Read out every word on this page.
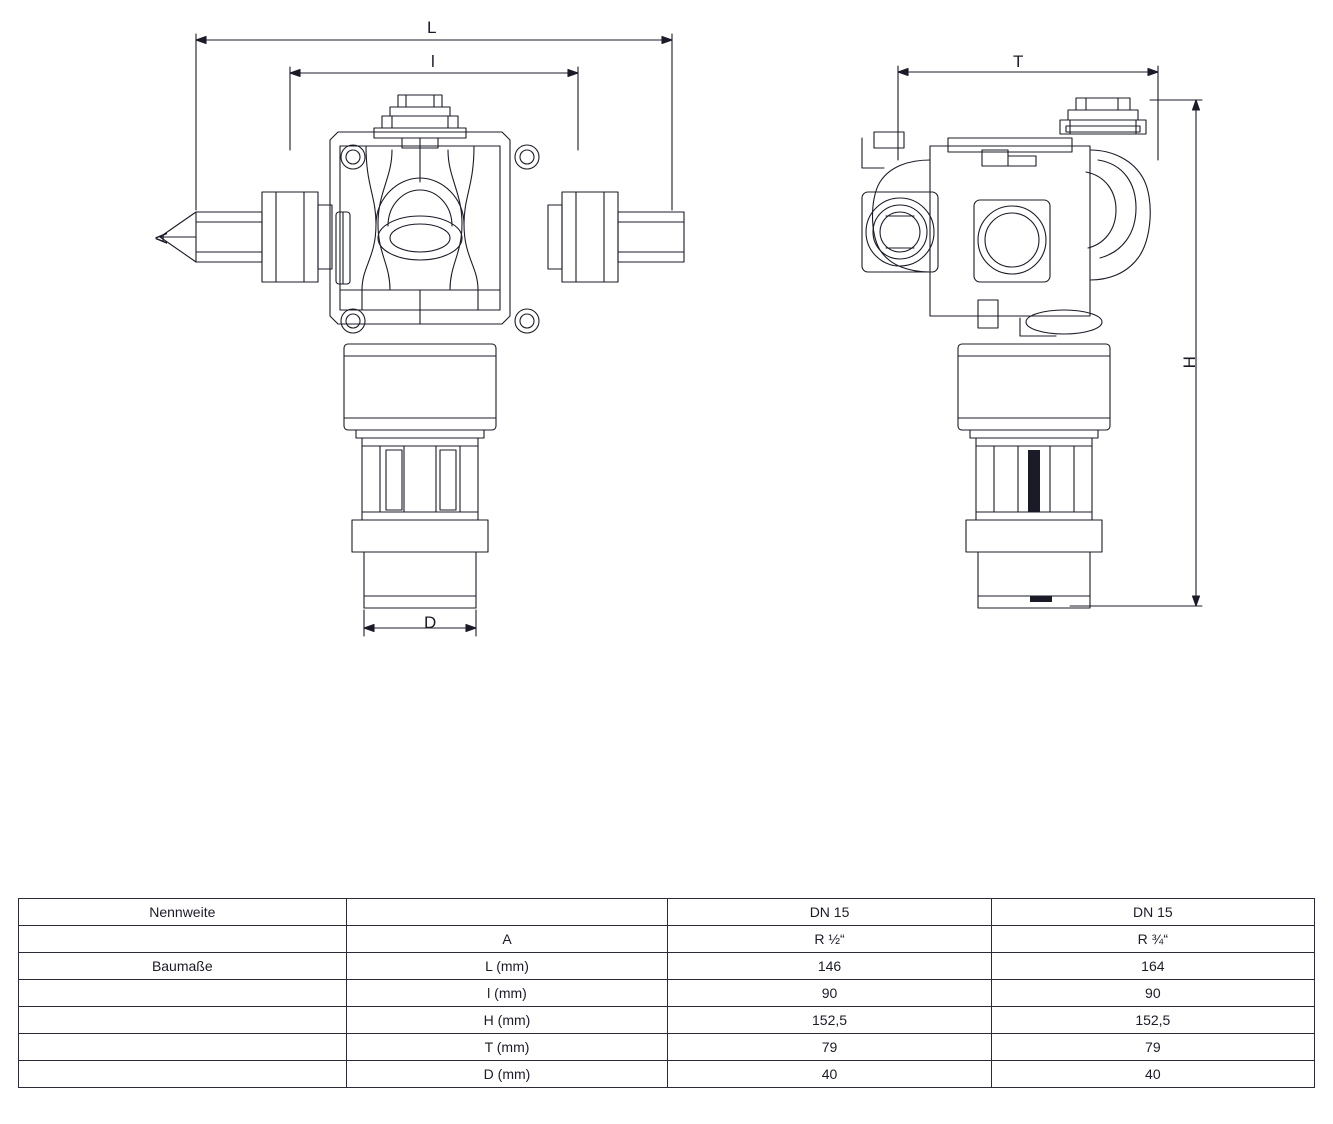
L
l
A
D
T
H
Nennweite		DN 15	DN 15
	A	R ½“	R ¾“
Baumaße	L (mm)	146	164
	l (mm)	90	90
	H (mm)	152,5	152,5
	T (mm)	79	79
	D (mm)	40	40
